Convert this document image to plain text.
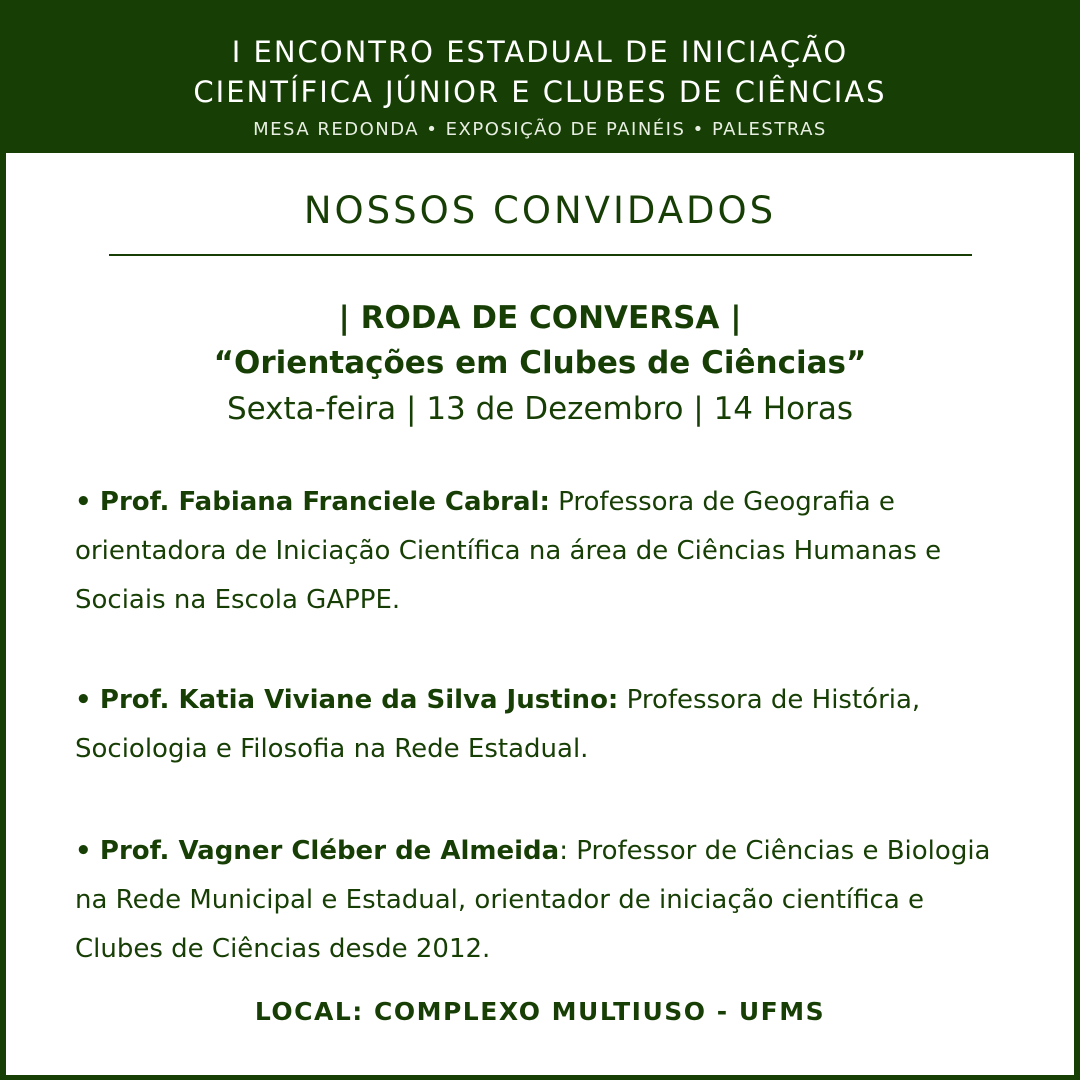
I ENCONTRO ESTADUAL DE INICIAÇÃO
CIENTÍFICA JÚNIOR E CLUBES DE CIÊNCIAS
MESA REDONDA • EXPOSIÇÃO DE PAINÉIS • PALESTRAS
NOSSOS CONVIDADOS
| RODA DE CONVERSA |
“Orientações em Clubes de Ciências”
Sexta-feira | 13 de Dezembro | 14 Horas
• Prof. Fabiana Franciele Cabral: Professora de Geografia e orientadora de Iniciação Científica na área de Ciências Humanas e Sociais na Escola GAPPE.
• Prof. Katia Viviane da Silva Justino: Professora de História, Sociologia e Filosofia na Rede Estadual.
• Prof. Vagner Cléber de Almeida: Professor de Ciências e Biologia na Rede Municipal e Estadual, orientador de iniciação científica e Clubes de Ciências desde 2012.
LOCAL: COMPLEXO MULTIUSO - UFMS
